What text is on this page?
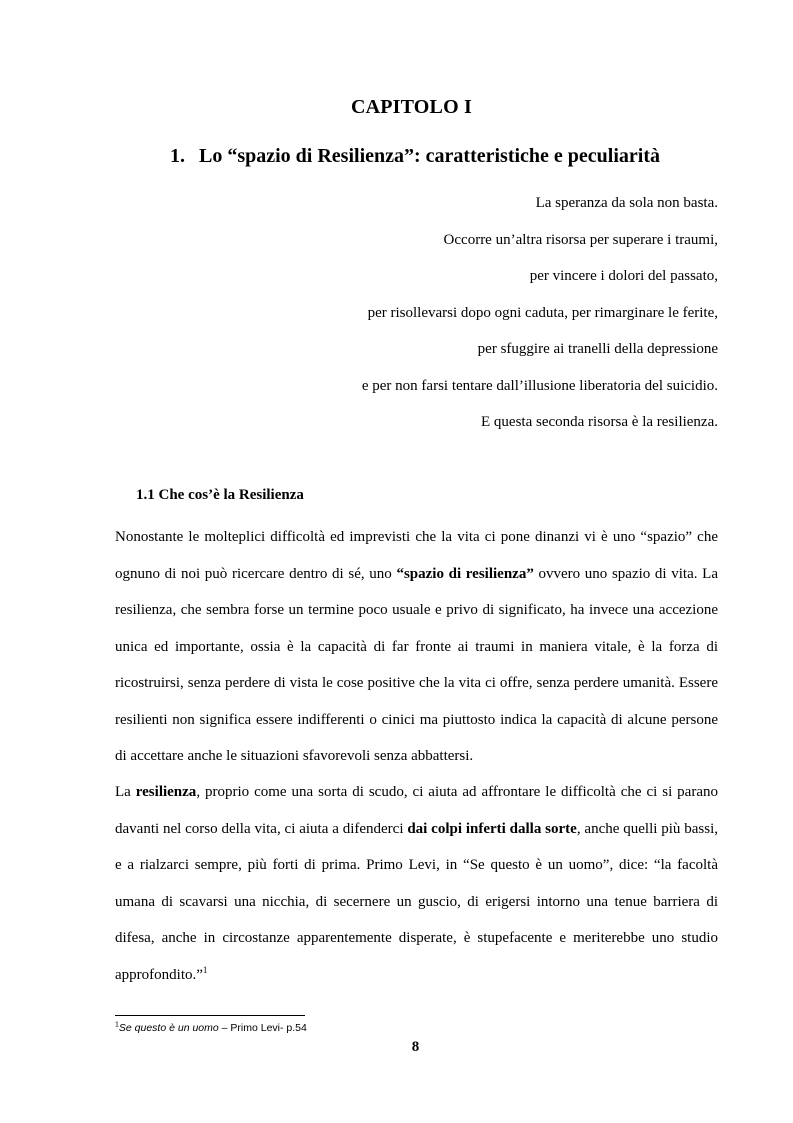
CAPITOLO I
1. Lo “spazio di Resilienza”: caratteristiche e peculiarità
La speranza da sola non basta.
Occorre un’altra risorsa per superare i traumi,
per vincere i dolori del passato,
per risollevarsi dopo ogni caduta, per rimarginare le ferite,
per sfuggire ai tranelli della depressione
e per non farsi tentare dall’illusione liberatoria del suicidio.
E questa seconda risorsa è la resilienza.
1.1 Che cos’è la Resilienza

Nonostante le molteplici difficoltà ed imprevisti che la vita ci pone dinanzi vi è uno “spazio” che ognuno di noi può ricercare dentro di sé, uno “spazio di resilienza” ovvero uno spazio di vita. La resilienza, che sembra forse un termine poco usuale e privo di significato, ha invece una accezione unica ed importante, ossia è la capacità di far fronte ai traumi in maniera vitale, è la forza di ricostruirsi, senza perdere di vista le cose positive che la vita ci offre, senza perdere umanità. Essere resilienti non significa essere indifferenti o cinici ma piuttosto indica la capacità di alcune persone di accettare anche le situazioni sfavorevoli senza abbattersi.

La resilienza, proprio come una sorta di scudo, ci aiuta ad affrontare le difficoltà che ci si parano davanti nel corso della vita, ci aiuta a difenderci dai colpi inferti dalla sorte, anche quelli più bassi, e a rialzarci sempre, più forti di prima. Primo Levi, in “Se questo è un uomo”, dice: “la facoltà umana di scavarsi una nicchia, di secernere un guscio, di erigersi intorno una tenue barriera di difesa, anche in circostanze apparentemente disperate, è stupefacente e meriterebbe uno studio approfondito.”$^1$

$^1$Se questo è un uomo – Primo Levi- p.54

8
